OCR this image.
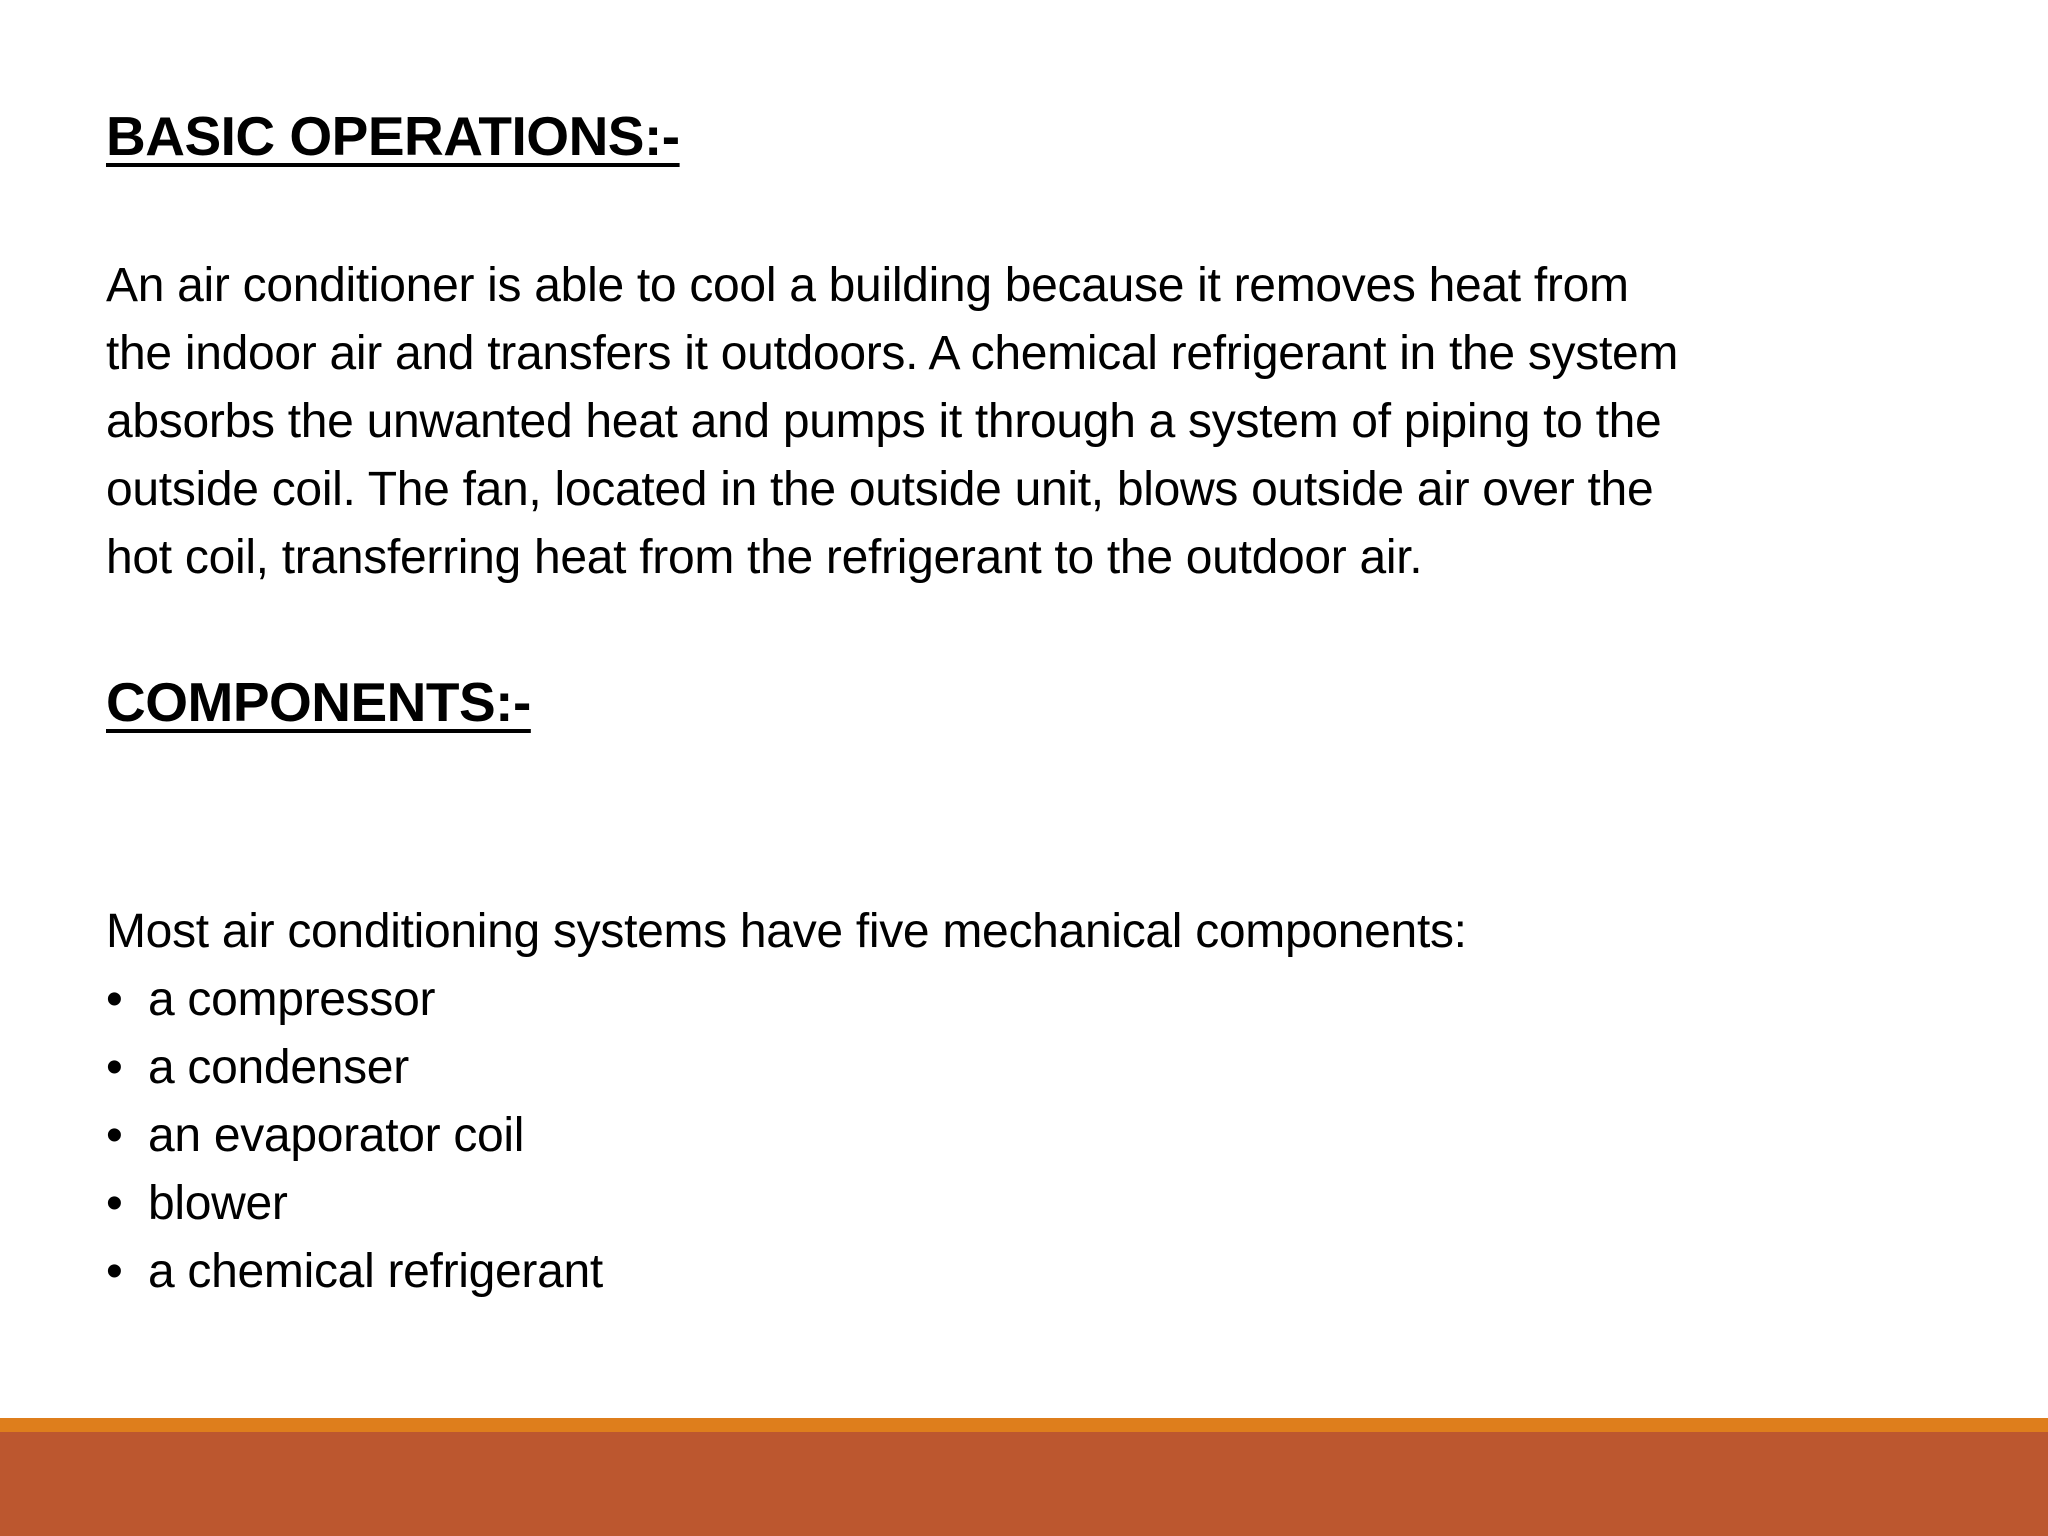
BASIC OPERATIONS:-

An air conditioner is able to cool a building because it removes heat from

the indoor air and transfers it outdoors. A chemical refrigerant in the system

absorbs the unwanted heat and pumps it through a system of piping to the

outside coil. The fan, located in the outside unit, blows outside air over the

hot coil, transferring heat from the refrigerant to the outdoor air.

COMPONENTS:-

Most air conditioning systems have five mechanical components:

• a compressor
• a condenser
• an evaporator coil
• blower
• a chemical refrigerant
